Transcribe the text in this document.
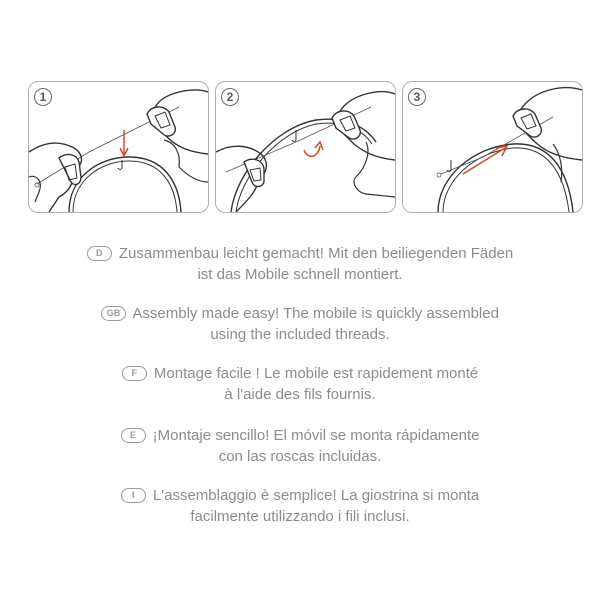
1	2	3
D Zusammenbau leicht gemacht! Mit den beiliegenden Fäden
ist das Mobile schnell montiert.
GB Assembly made easy! The mobile is quickly assembled
using the included threads.
F Montage facile ! Le mobile est rapidement monté
à l'aide des fils fournis.
E ¡Montaje sencillo! El móvil se monta rápidamente
con las roscas incluidas.
I L'assemblaggio è semplice! La giostrina si monta
facilmente utilizzando i fili inclusi.
